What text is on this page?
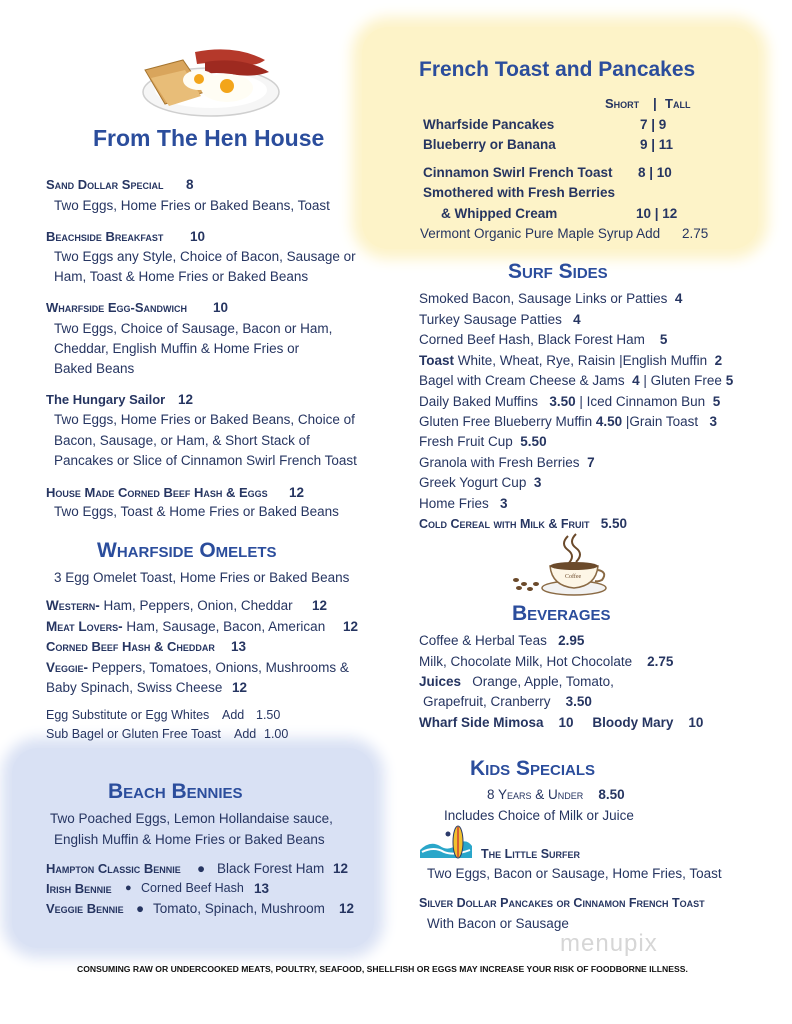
From The Hen House
Sand Dollar Special 8
Two Eggs, Home Fries or Baked Beans, Toast
Beachside Breakfast 10
Two Eggs any Style, Choice of Bacon, Sausage or
Ham, Toast & Home Fries or Baked Beans
Wharfside Egg-Sandwich 10
Two Eggs, Choice of Sausage, Bacon or Ham,
Cheddar, English Muffin & Home Fries or
Baked Beans
The Hungary Sailor 12
Two Eggs, Home Fries or Baked Beans, Choice of
Bacon, Sausage, or Ham, & Short Stack of
Pancakes or Slice of Cinnamon Swirl French Toast
House Made Corned Beef Hash & Eggs 12
Two Eggs, Toast & Home Fries or Baked Beans
Wharfside Omelets
3 Egg Omelet Toast, Home Fries or Baked Beans
Western- Ham, Peppers, Onion, Cheddar 12
Meat Lovers- Ham, Sausage, Bacon, American 12
Corned Beef Hash & Cheddar 13
Veggie- Peppers, Tomatoes, Onions, Mushrooms &
Baby Spinach, Swiss Cheese 12
Egg Substitute or Egg Whites Add 1.50
Sub Bagel or Gluten Free Toast Add 1.00
Beach Bennies
Two Poached Eggs, Lemon Hollandaise sauce,
English Muffin & Home Fries or Baked Beans
Hampton Classic Bennie ● Black Forest Ham 12
Irish Bennie ● Corned Beef Hash 13
Veggie Bennie ● Tomato, Spinach, Mushroom 12
French Toast and Pancakes
Short | Tall
Wharfside Pancakes	7 | 9
Blueberry or Banana	9 | 11
Cinnamon Swirl French Toast 8 | 10
Smothered with Fresh Berries
& Whipped Cream	10 | 12
Vermont Organic Pure Maple Syrup Add 2.75
Surf Sides
Smoked Bacon, Sausage Links or Patties 4
Turkey Sausage Patties 4
Corned Beef Hash, Black Forest Ham 5
Toast White, Wheat, Rye, Raisin |English Muffin 2
Bagel with Cream Cheese & Jams 4 | Gluten Free 5
Daily Baked Muffins 3.50 | Iced Cinnamon Bun 5
Gluten Free Blueberry Muffin 4.50 |Grain Toast 3
Fresh Fruit Cup 5.50
Granola with Fresh Berries 7
Greek Yogurt Cup 3
Home Fries 3
Cold Cereal with Milk & Fruit 5.50
Coffee
Beverages
Coffee & Herbal Teas 2.95
Milk, Chocolate Milk, Hot Chocolate 2.75
Juices Orange, Apple, Tomato,
Grapefruit, Cranberry 3.50
Wharf Side Mimosa 10 Bloody Mary 10
Kids Specials
8 Years & Under 8.50
Includes Choice of Milk or Juice
The Little Surfer
Two Eggs, Bacon or Sausage, Home Fries, Toast
Silver Dollar Pancakes or Cinnamon French Toast
With Bacon or Sausage
menupix
CONSUMING RAW OR UNDERCOOKED MEATS, POULTRY, SEAFOOD, SHELLFISH OR EGGS MAY INCREASE YOUR RISK OF FOODBORNE ILLNESS.
